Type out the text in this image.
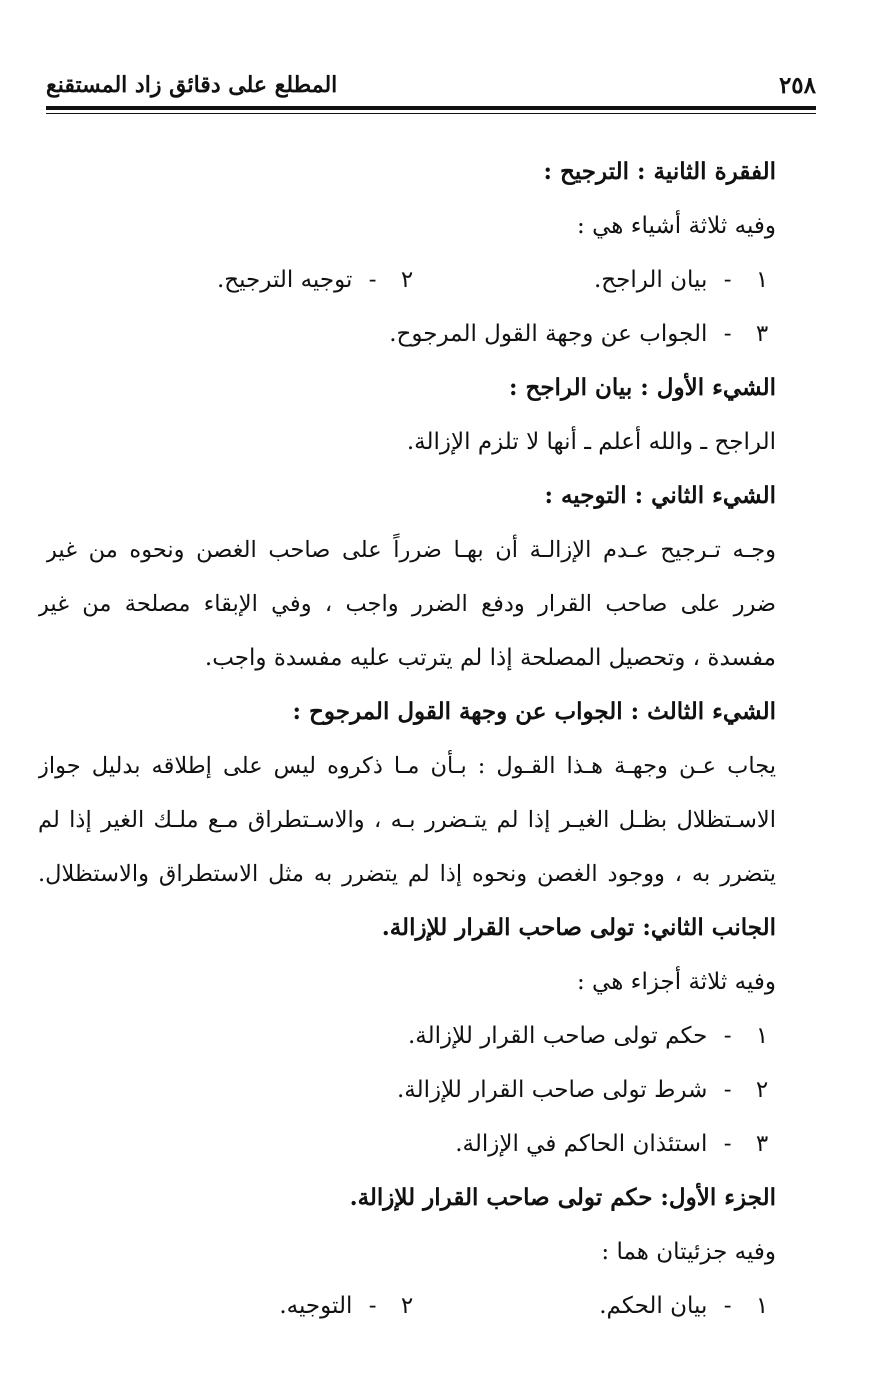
٢٥٨
المطلع على دقائق زاد المستقنع
الفقرة الثانية : الترجيح :
وفيه ثلاثة أشياء هي :
١ - بيان الراجح.
٢ - توجيه الترجيح.
٣ - الجواب عن وجهة القول المرجوح.
الشيء الأول : بيان الراجح :
الراجح ـ والله أعلم ـ أنها لا تلزم الإزالة.
الشيء الثاني : التوجيه :
وجـه تـرجيح عـدم الإزالـة أن بهـا ضرراً على صاحب الغصن ونحوه من غير
ضرر على صاحب القرار ودفع الضرر واجب ، وفي الإبقاء مصلحة من غير
مفسدة ، وتحصيل المصلحة إذا لم يترتب عليه مفسدة واجب.
الشيء الثالث : الجواب عن وجهة القول المرجوح :
يجاب عـن وجهـة هـذا القـول : بـأن مـا ذكروه ليس على إطلاقه بدليل جواز
الاسـتظلال بظـل الغيـر إذا لم يتـضرر بـه ، والاسـتطراق مـع ملـك الغير إذا لم
يتضرر به ، ووجود الغصن ونحوه إذا لم يتضرر به مثل الاستطراق والاستظلال.
الجانب الثاني: تولى صاحب القرار للإزالة.
وفيه ثلاثة أجزاء هي :
١ - حكم تولى صاحب القرار للإزالة.
٢ - شرط تولى صاحب القرار للإزالة.
٣ - استئذان الحاكم في الإزالة.
الجزء الأول: حكم تولى صاحب القرار للإزالة.
وفيه جزئيتان هما :
١ - بيان الحكم.
٢ - التوجيه.
